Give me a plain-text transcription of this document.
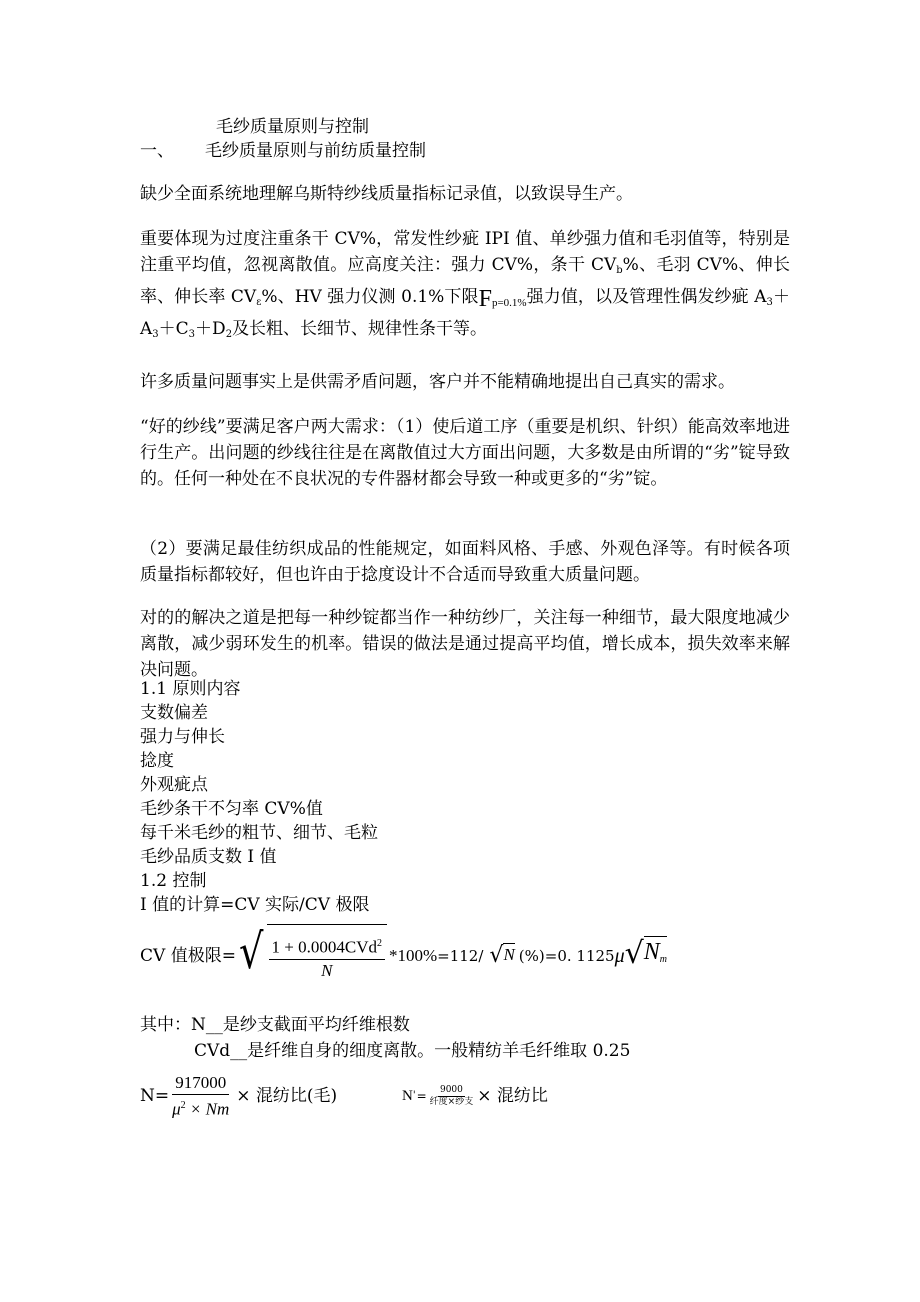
毛纱质量原则与控制
一、 毛纱质量原则与前纺质量控制
缺少全面系统地理解乌斯特纱线质量指标记录值，以致误导生产。
重要体现为过度注重条干 CV%，常发性纱疵 IPI 值、单纱强力值和毛羽值等，特别是注重平均值，忽视离散值。应高度关注：强力 CV%，条干 $CV_b\%$、毛羽 CV%、伸长率、伸长率 $CV_\varepsilon\%$、HV 强力仪测 0.1%下限$F_{p=0.1\%}$强力值，以及管理性偶发纱疵 $A_3+A_3+C_3+D_2$及长粗、长细节、规律性条干等。
许多质量问题事实上是供需矛盾问题，客户并不能精确地提出自己真实的需求。
“好的纱线”要满足客户两大需求：（1）使后道工序（重要是机织、针织）能高效率地进行生产。出问题的纱线往往是在离散值过大方面出问题，大多数是由所谓的“劣”锭导致的。任何一种处在不良状况的专件器材都会导致一种或更多的“劣”锭。
（2）要满足最佳纺织成品的性能规定，如面料风格、手感、外观色泽等。有时候各项质量指标都较好，但也许由于捻度设计不合适而导致重大质量问题。
对的的解决之道是把每一种纱锭都当作一种纺纱厂，关注每一种细节，最大限度地减少离散，减少弱环发生的机率。错误的做法是通过提高平均值，增长成本，损失效率来解决问题。
1.1 原则内容
支数偏差
强力与伸长
捻度
外观疵点
毛纱条干不匀率 CV%值
每千米毛纱的粗节、细节、毛粒
毛纱品质支数 I 值
1.2 控制
I 值的计算=CV 实际/CV 极限
CV 值极限= √ $\frac{1 + 0.0004CVd^2}{N} *100\% =112/$ √ N (%)=0. 1125 μ √ $N_m$
其中：N__是纱支截面平均纤维根数
CVd__是纤维自身的细度离散。一般精纺羊毛纤维取 0.25
$N= \frac{917000}{\mu^2 \times Nm}$ × 混纺比(毛)	N ' = $\frac{9000}{\text{纤度×纱支}}$ × 混纺比
